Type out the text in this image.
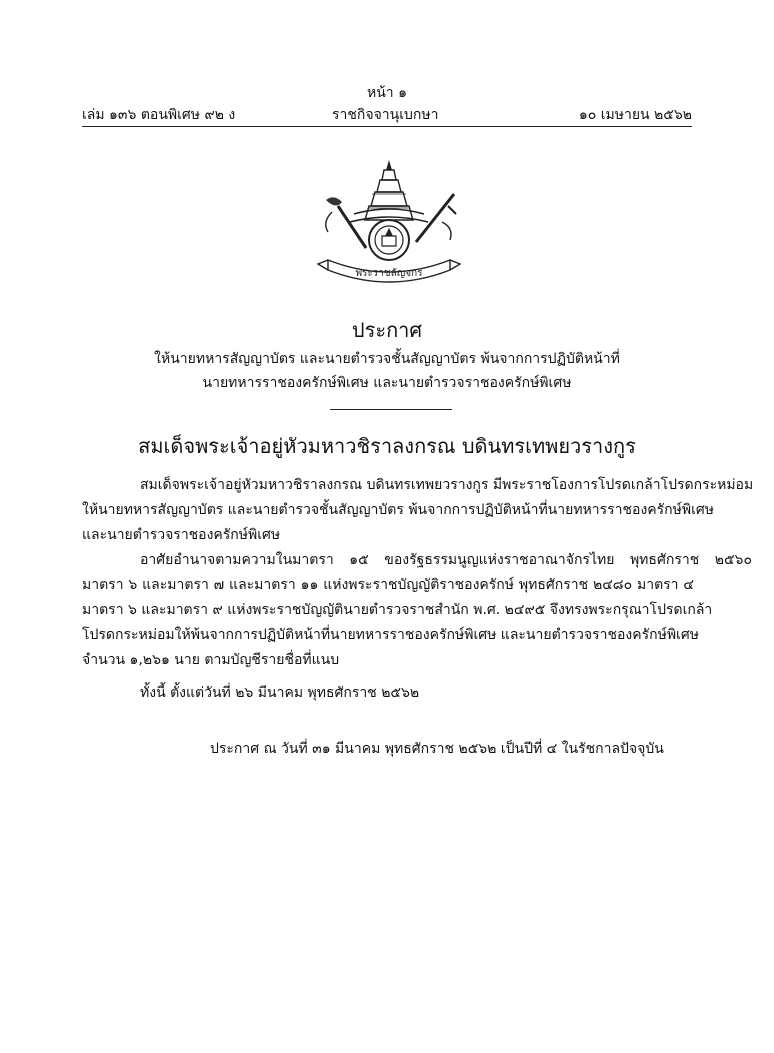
หน้า ๑
เล่ม ๑๓๖ ตอนพิเศษ ๙๒ ง	ราชกิจจานุเบกษา	๑๐ เมษายน ๒๕๖๒
พระราชลัญจกร
ประกาศ
ให้นายทหารสัญญาบัตร และนายตำรวจชั้นสัญญาบัตร พ้นจากการปฏิบัติหน้าที่
นายทหารราชองครักษ์พิเศษ และนายตำรวจราชองครักษ์พิเศษ
สมเด็จพระเจ้าอยู่หัวมหาวชิราลงกรณ บดินทรเทพยวรางกูร
สมเด็จพระเจ้าอยู่หัวมหาวชิราลงกรณ บดินทรเทพยวรางกูร มีพระราชโองการโปรดเกล้าโปรดกระหม่อม
ให้นายทหารสัญญาบัตร และนายตำรวจชั้นสัญญาบัตร พ้นจากการปฏิบัติหน้าที่นายทหารราชองครักษ์พิเศษ
และนายตำรวจราชองครักษ์พิเศษ
อาศัยอำนาจตามความในมาตรา ๑๕ ของรัฐธรรมนูญแห่งราชอาณาจักรไทย พุทธศักราช ๒๕๖๐
มาตรา ๖ และมาตรา ๗ และมาตรา ๑๑ แห่งพระราชบัญญัติราชองครักษ์ พุทธศักราช ๒๔๘๐ มาตรา ๔
มาตรา ๖ และมาตรา ๙ แห่งพระราชบัญญัตินายตำรวจราชสำนัก พ.ศ. ๒๔๙๕ จึงทรงพระกรุณาโปรดเกล้า
โปรดกระหม่อมให้พ้นจากการปฏิบัติหน้าที่นายทหารราชองครักษ์พิเศษ และนายตำรวจราชองครักษ์พิเศษ
จำนวน ๑,๒๖๑ นาย ตามบัญชีรายชื่อที่แนบ
ทั้งนี้ ตั้งแต่วันที่ ๒๖ มีนาคม พุทธศักราช ๒๕๖๒
ประกาศ ณ วันที่ ๓๑ มีนาคม พุทธศักราช ๒๕๖๒ เป็นปีที่ ๔ ในรัชกาลปัจจุบัน
